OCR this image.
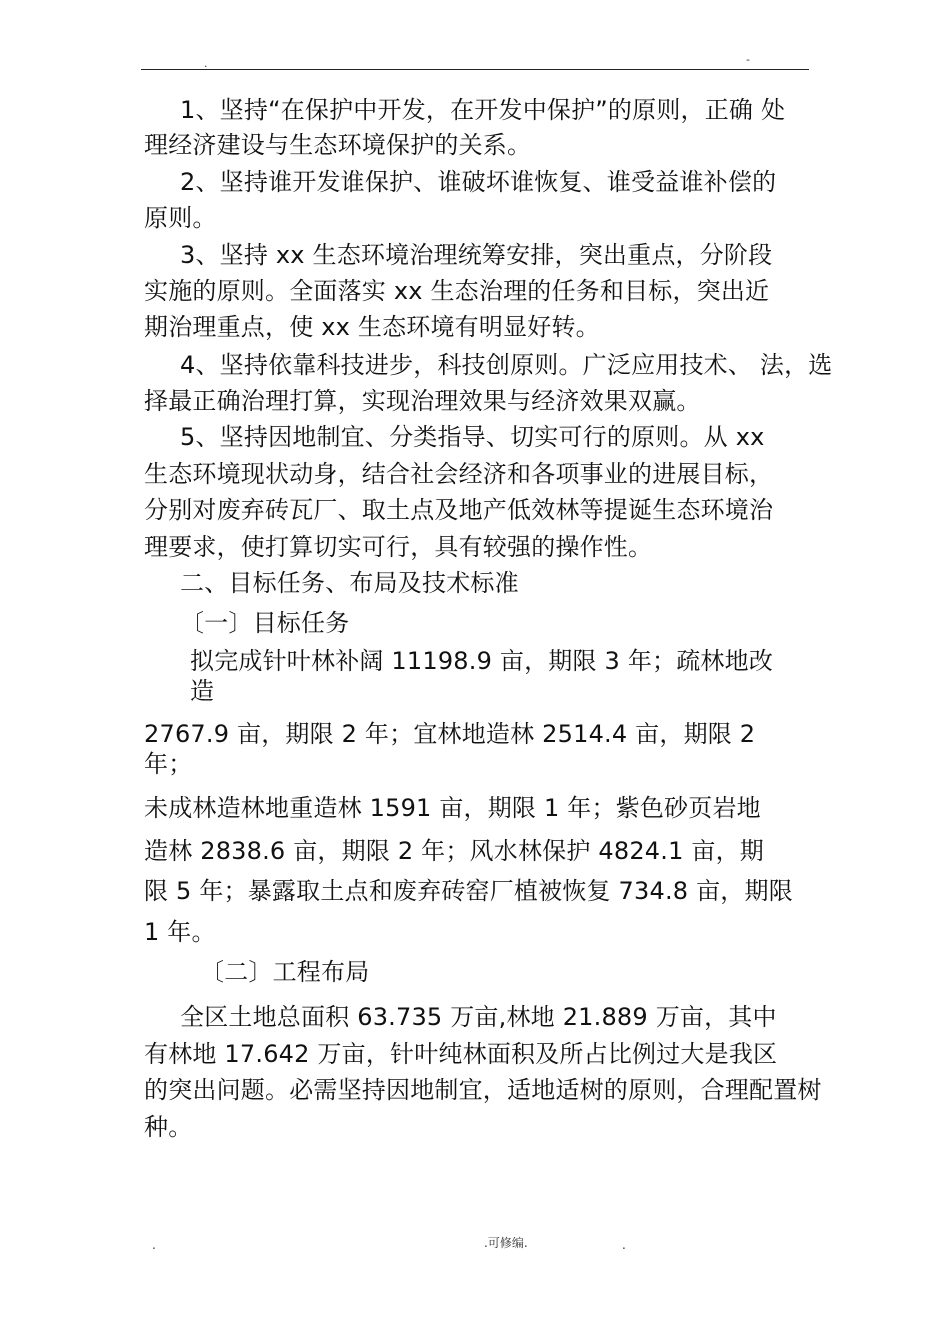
.	-
1、坚持“在保护中开发，在开发中保护”的原则，正确 处
理经济建设与生态环境保护的关系。
2、坚持谁开发谁保护、谁破坏谁恢复、谁受益谁补偿的
原则。
3、坚持 xx 生态环境治理统筹安排，突出重点，分阶段
实施的原则。全面落实 xx 生态治理的任务和目标，突出近
期治理重点，使 xx 生态环境有明显好转。
4、坚持依靠科技进步，科技创原则。广泛应用技术、 法，选
择最正确治理打算，实现治理效果与经济效果双赢。
5、坚持因地制宜、分类指导、切实可行的原则。从 xx
生态环境现状动身，结合社会经济和各项事业的进展目标，
分别对废弃砖瓦厂、取土点及地产低效林等提诞生态环境治
理要求，使打算切实可行，具有较强的操作性。
二、目标任务、布局及技术标准
〔一〕目标任务
拟完成针叶林补阔 11198.9 亩，期限 3 年；疏林地改
造
2767.9 亩，期限 2 年；宜林地造林 2514.4 亩，期限 2
年；
未成林造林地重造林 1591 亩，期限 1 年；紫色砂页岩地
造林 2838.6 亩，期限 2 年；风水林保护 4824.1 亩，期
限 5 年；暴露取土点和废弃砖窑厂植被恢复 734.8 亩，期限
1 年。
〔二〕工程布局
全区土地总面积 63.735 万亩,林地 21.889 万亩，其中
有林地 17.642 万亩，针叶纯林面积及所占比例过大是我区
的突出问题。必需坚持因地制宜，适地适树的原则，合理配置树
种。
.	.可修编.	.
